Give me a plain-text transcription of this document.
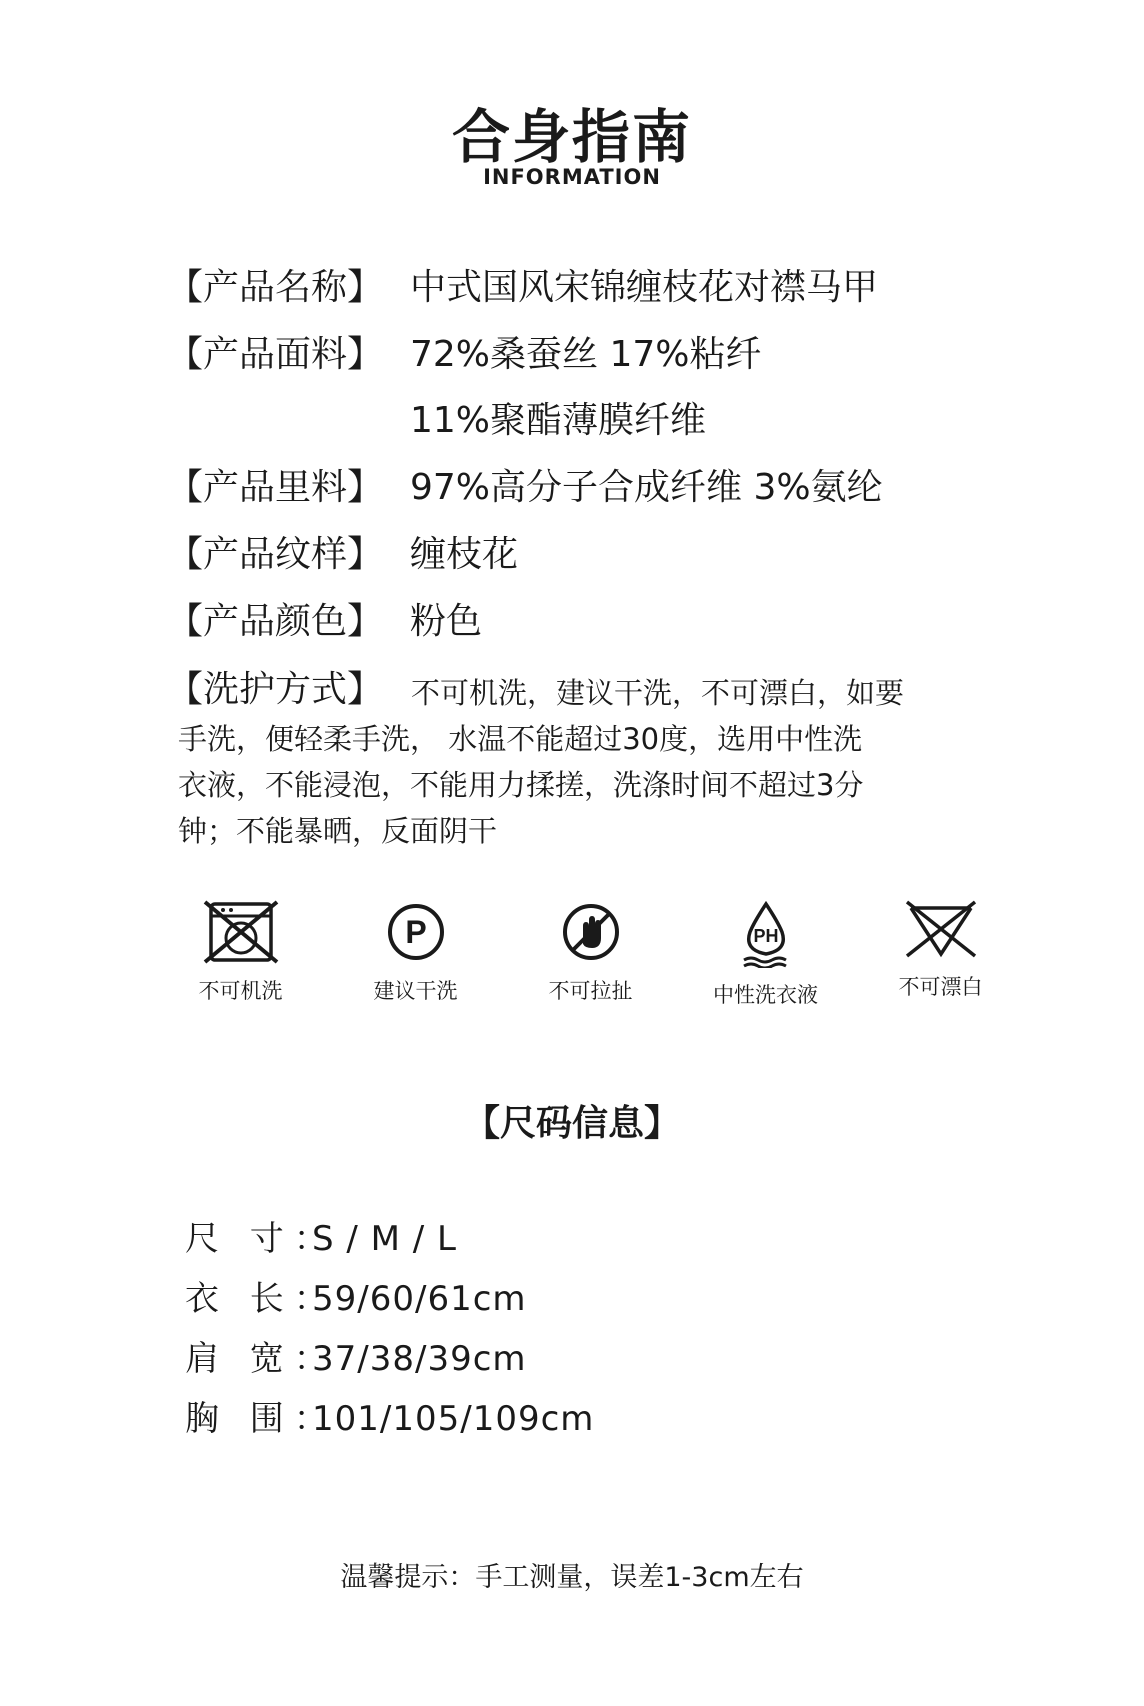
合身指南
INFORMATION
【产品名称】 中式国风宋锦缠枝花对襟马甲
【产品面料】 72%桑蚕丝 17%粘纤
11%聚酯薄膜纤维
【产品里料】 97%高分子合成纤维 3%氨纶
【产品纹样】 缠枝花
【产品颜色】 粉色
【洗护方式】 不可机洗，建议干洗，不可漂白，如要
手洗，便轻柔手洗， 水温不能超过30度，选用中性洗
衣液，不能浸泡，不能用力揉搓，洗涤时间不超过3分
钟；不能暴晒，反面阴干
不可机洗
P
建议干洗	不可拉扯
PH
中性洗衣液	不可漂白
【尺码信息】
尺 寸：
S / M / L
衣 长：
59/60/61cm
肩 宽：
37/38/39cm
胸 围：
101/105/109cm
温馨提示：手工测量，误差1-3cm左右
